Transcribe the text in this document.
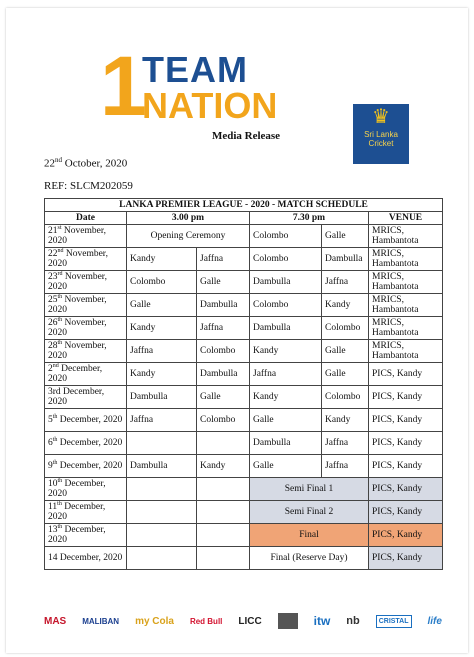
1
TEAM
NATION	♛
Sri Lanka Cricket
Media Release
22nd October, 2020
REF: SLCM202059
LANKA PREMIER LEAGUE - 2020 - MATCH SCHEDULE					
Date	3.00 pm		7.30 pm		VENUE
21st November, 2020	Opening Ceremony		Colombo	Galle	MRICS, Hambantota
22nd November, 2020	Kandy	Jaffna	Colombo	Dambulla	MRICS, Hambantota
23rd November, 2020	Colombo	Galle	Dambulla	Jaffna	MRICS, Hambantota
25th November, 2020	Galle	Dambulla	Colombo	Kandy	MRICS, Hambantota
26th November, 2020	Kandy	Jaffna	Dambulla	Colombo	MRICS, Hambantota
28th November, 2020	Jaffna	Colombo	Kandy	Galle	MRICS, Hambantota
2nd December, 2020	Kandy	Dambulla	Jaffna	Galle	PICS, Kandy
3rd December, 2020	Dambulla	Galle	Kandy	Colombo	PICS, Kandy
5th December, 2020	Jaffna	Colombo	Galle	Kandy	PICS, Kandy
6th December, 2020			Dambulla	Jaffna	PICS, Kandy
9th December, 2020	Dambulla	Kandy	Galle	Jaffna	PICS, Kandy
10th December, 2020			Semi Final 1		PICS, Kandy
11th December, 2020			Semi Final 2		PICS, Kandy
13th December, 2020			Final		PICS, Kandy
14 December, 2020			Final (Reserve Day)		PICS, Kandy
MAS MALIBAN my Cola Red Bull LICC	itw nb	CRISTAL	life
